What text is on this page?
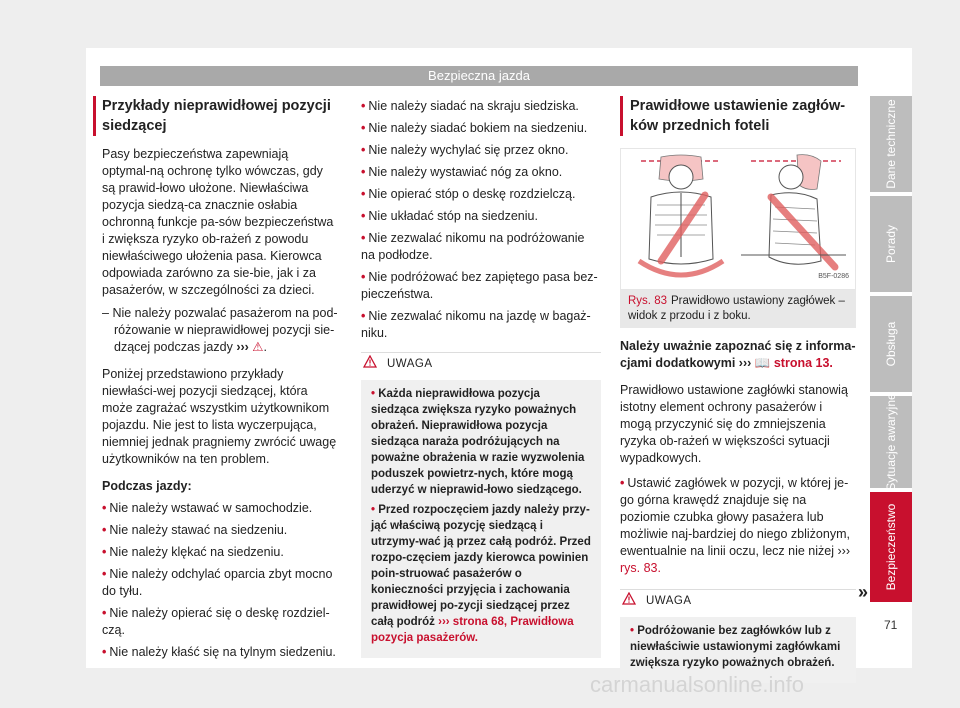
Bezpieczna jazda
Przykłady nieprawidłowej pozycji siedzącej

Pasy bezpieczeństwa zapewniają optymal-ną ochronę tylko wówczas, gdy są prawid-łowo ułożone. Niewłaściwa pozycja siedzą-ca znacznie osłabia ochronną funkcje pa-sów bezpieczeństwa i zwiększa ryzyko ob-rażeń z powodu niewłaściwego ułożenia pasa. Kierowca odpowiada zarówno za sie-bie, jak i za pasażerów, w szczególności za dzieci.

– Nie należy pozwalać pasażerom na pod-różowanie w nieprawidłowej pozycji sie-dzącej podczas jazdy ››› ⚠.

Poniżej przedstawiono przykłady niewłaści-wej pozycji siedzącej, która może zagrażać wszystkim użytkownikom pojazdu. Nie jest to lista wyczerpująca, niemniej jednak pragniemy zwrócić uwagę użytkowników na ten problem.

Podczas jazdy:

• Nie należy wstawać w samochodzie.
• Nie należy stawać na siedzeniu.
• Nie należy klękać na siedzeniu.
• Nie należy odchylać oparcia zbyt mocno do tyłu.
• Nie należy opierać się o deskę rozdziel-czą.
• Nie należy kłaść się na tylnym siedzeniu.
• Nie należy siadać na skraju siedziska.
• Nie należy siadać bokiem na siedzeniu.
• Nie należy wychylać się przez okno.
• Nie należy wystawiać nóg za okno.
• Nie opierać stóp o deskę rozdzielczą.
• Nie układać stóp na siedzeniu.
• Nie zezwalać nikomu na podróżowanie na podłodze.
• Nie podróżować bez zapiętego pasa bez-pieczeństwa.
• Nie zezwalać nikomu na jazdę w bagaż-niku.
UWAGA
• Każda nieprawidłowa pozycja siedząca zwiększa ryzyko poważnych obrażeń. Nieprawidłowa pozycja siedząca naraża podróżujących na poważne obrażenia w razie wyzwolenia poduszek powietrz-nych, które mogą uderzyć w nieprawid-łowo siedzącego.
• Przed rozpoczęciem jazdy należy przy-jąć właściwą pozycję siedzącą i utrzymy-wać ją przez całą podróż. Przed rozpo-częciem jazdy kierowca powinien poin-struować pasażerów o konieczności przyjęcia i zachowania prawidłowej po-zycji siedzącej przez całą podróż ››› strona 68, Prawidłowa pozycja pasażerów.
Prawidłowe ustawienie zagłów-ków przednich foteli
B5F-0286
Rys. 83 Prawidłowo ustawiony zagłówek – widok z przodu i z boku.

Należy uważnie zapoznać się z informa-cjami dodatkowymi ››› 📖 strona 13.

Prawidłowo ustawione zagłówki stanowią istotny element ochrony pasażerów i mogą przyczynić się do zmniejszenia ryzyka ob-rażeń w większości sytuacji wypadkowych.

• Ustawić zagłówek w pozycji, w której je-go górna krawędź znajduje się na poziomie czubka głowy pasażera lub możliwie naj-bardziej do niego zbliżonym, ewentualnie na linii oczu, lecz nie niżej ››› rys. 83.
UWAGA
• Podróżowanie bez zagłówków lub z niewłaściwie ustawionymi zagłówkami zwiększa ryzyko poważnych obrażeń.
»
Dane techniczne
Porady
Obsługa
Sytuacje awaryjne
Bezpieczeństwo
71
carmanualsonline.info
